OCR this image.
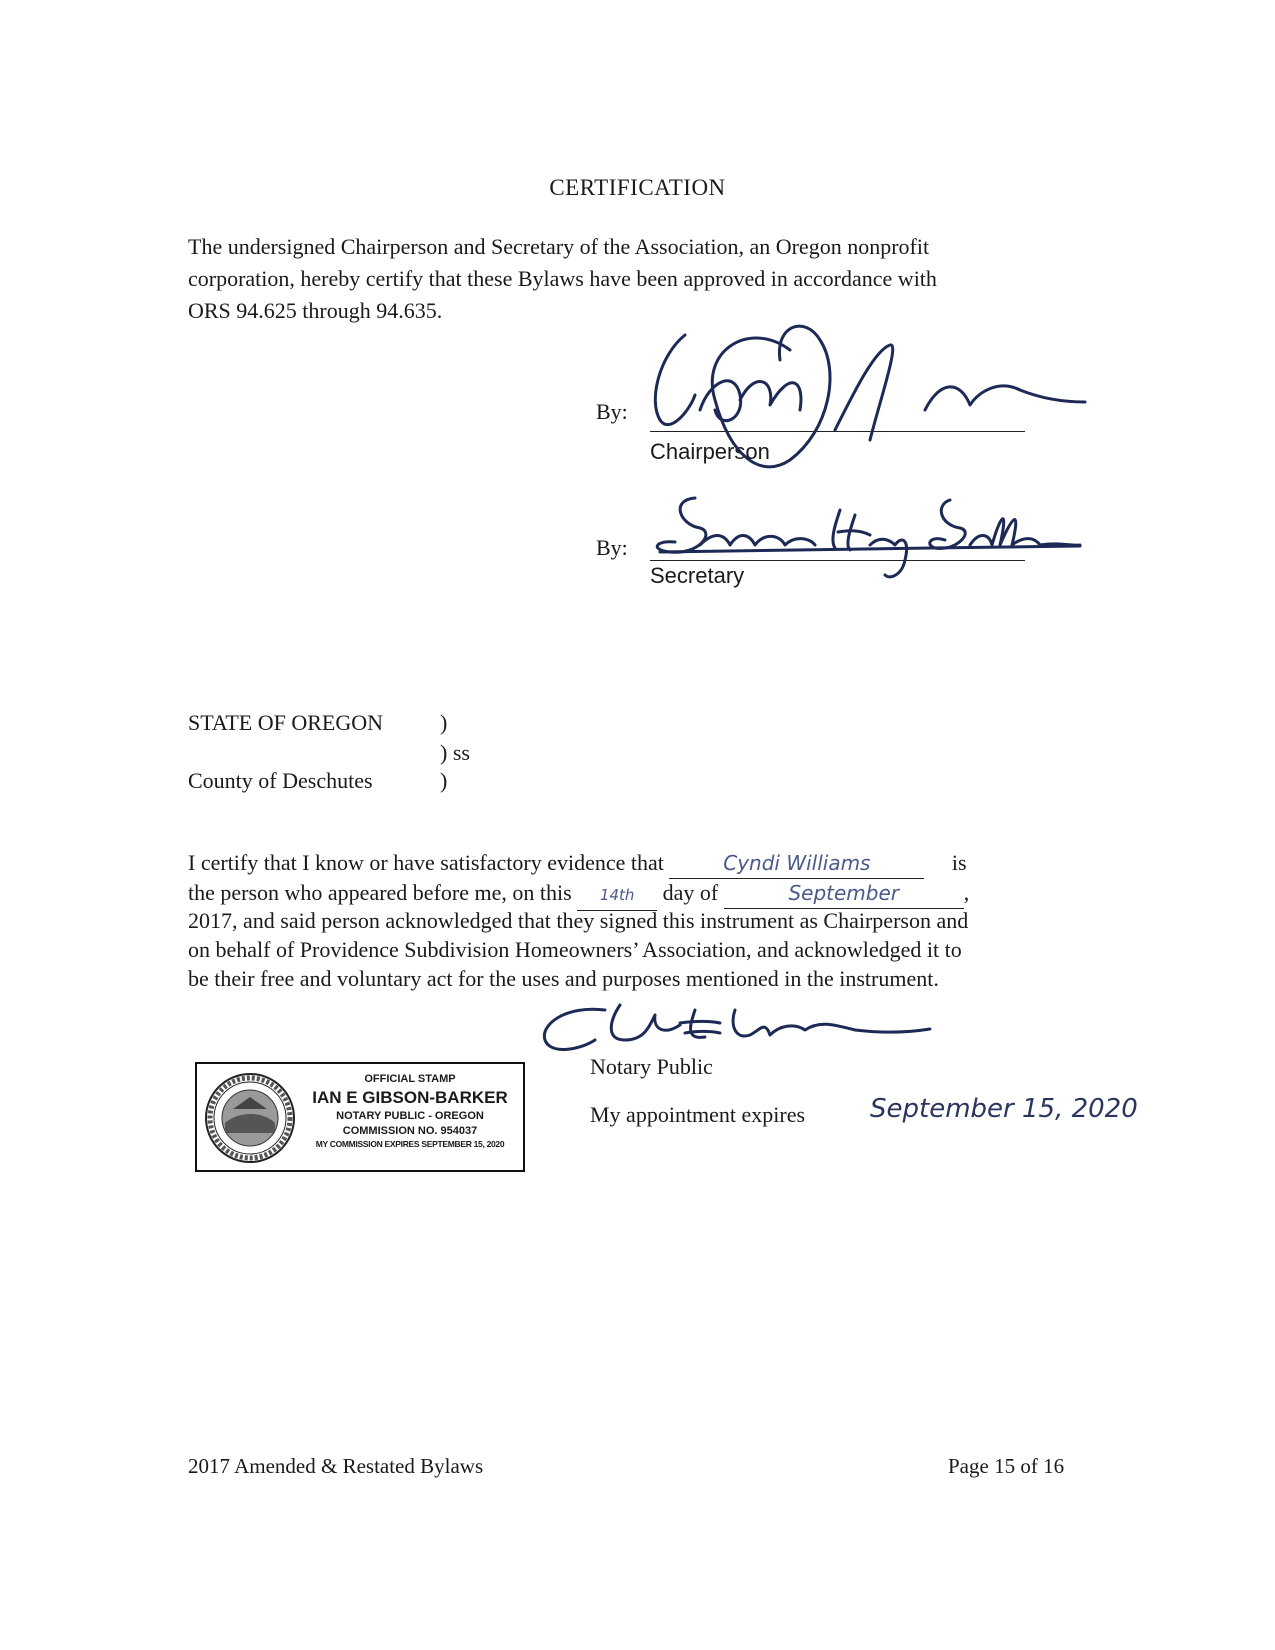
CERTIFICATION
The undersigned Chairperson and Secretary of the Association, an Oregon nonprofit
corporation, hereby certify that these Bylaws have been approved in accordance with
ORS 94.625 through 94.635.
By:
Chairperson
By:
Secretary
STATE OF OREGON	)
) ss
County of Deschutes	)
I certify that I know or have satisfactory evidence that	Cyndi Williams	is
the person who appeared before me, on this 14th day of	September	,
2017, and said person acknowledged that they signed this instrument as Chairperson and
on behalf of Providence Subdivision Homeowners’ Association, and acknowledged it to
be their free and voluntary act for the uses and purposes mentioned in the instrument.
OFFICIAL STAMP
IAN E GIBSON-BARKER
NOTARY PUBLIC - OREGON
COMMISSION NO. 954037
MY COMMISSION EXPIRES SEPTEMBER 15, 2020
Notary Public
My appointment expires September 15, 2020
2017 Amended & Restated Bylaws	Page 15 of 16
